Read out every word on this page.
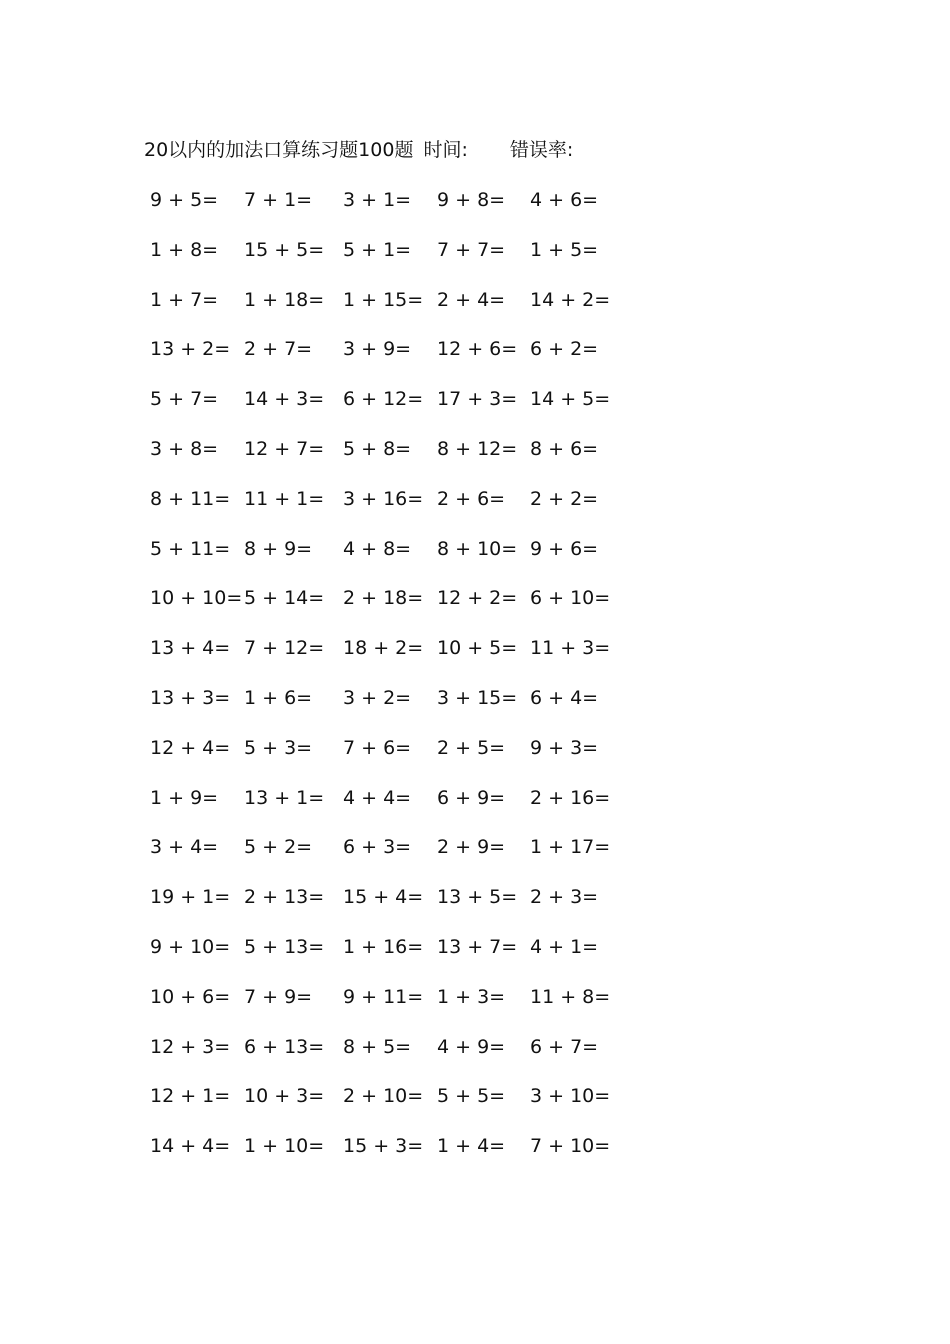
20以内的加法口算练习题100题 时间: 错误率:
9 + 5= 7 + 1= 3 + 1= 9 + 8= 4 + 6=
1 + 8= 15 + 5= 5 + 1= 7 + 7= 1 + 5=
1 + 7= 1 + 18= 1 + 15= 2 + 4= 14 + 2=
13 + 2= 2 + 7= 3 + 9= 12 + 6= 6 + 2=
5 + 7= 14 + 3= 6 + 12= 17 + 3= 14 + 5=
3 + 8= 12 + 7= 5 + 8= 8 + 12= 8 + 6=
8 + 11= 11 + 1= 3 + 16= 2 + 6= 2 + 2=
5 + 11= 8 + 9= 4 + 8= 8 + 10= 9 + 6=
10 + 10= 5 + 14= 2 + 18= 12 + 2= 6 + 10=
13 + 4= 7 + 12= 18 + 2= 10 + 5= 11 + 3=
13 + 3= 1 + 6= 3 + 2= 3 + 15= 6 + 4=
12 + 4= 5 + 3= 7 + 6= 2 + 5= 9 + 3=
1 + 9= 13 + 1= 4 + 4= 6 + 9= 2 + 16=
3 + 4= 5 + 2= 6 + 3= 2 + 9= 1 + 17=
19 + 1= 2 + 13= 15 + 4= 13 + 5= 2 + 3=
9 + 10= 5 + 13= 1 + 16= 13 + 7= 4 + 1=
10 + 6= 7 + 9= 9 + 11= 1 + 3= 11 + 8=
12 + 3= 6 + 13= 8 + 5= 4 + 9= 6 + 7=
12 + 1= 10 + 3= 2 + 10= 5 + 5= 3 + 10=
14 + 4= 1 + 10= 15 + 3= 1 + 4= 7 + 10=
